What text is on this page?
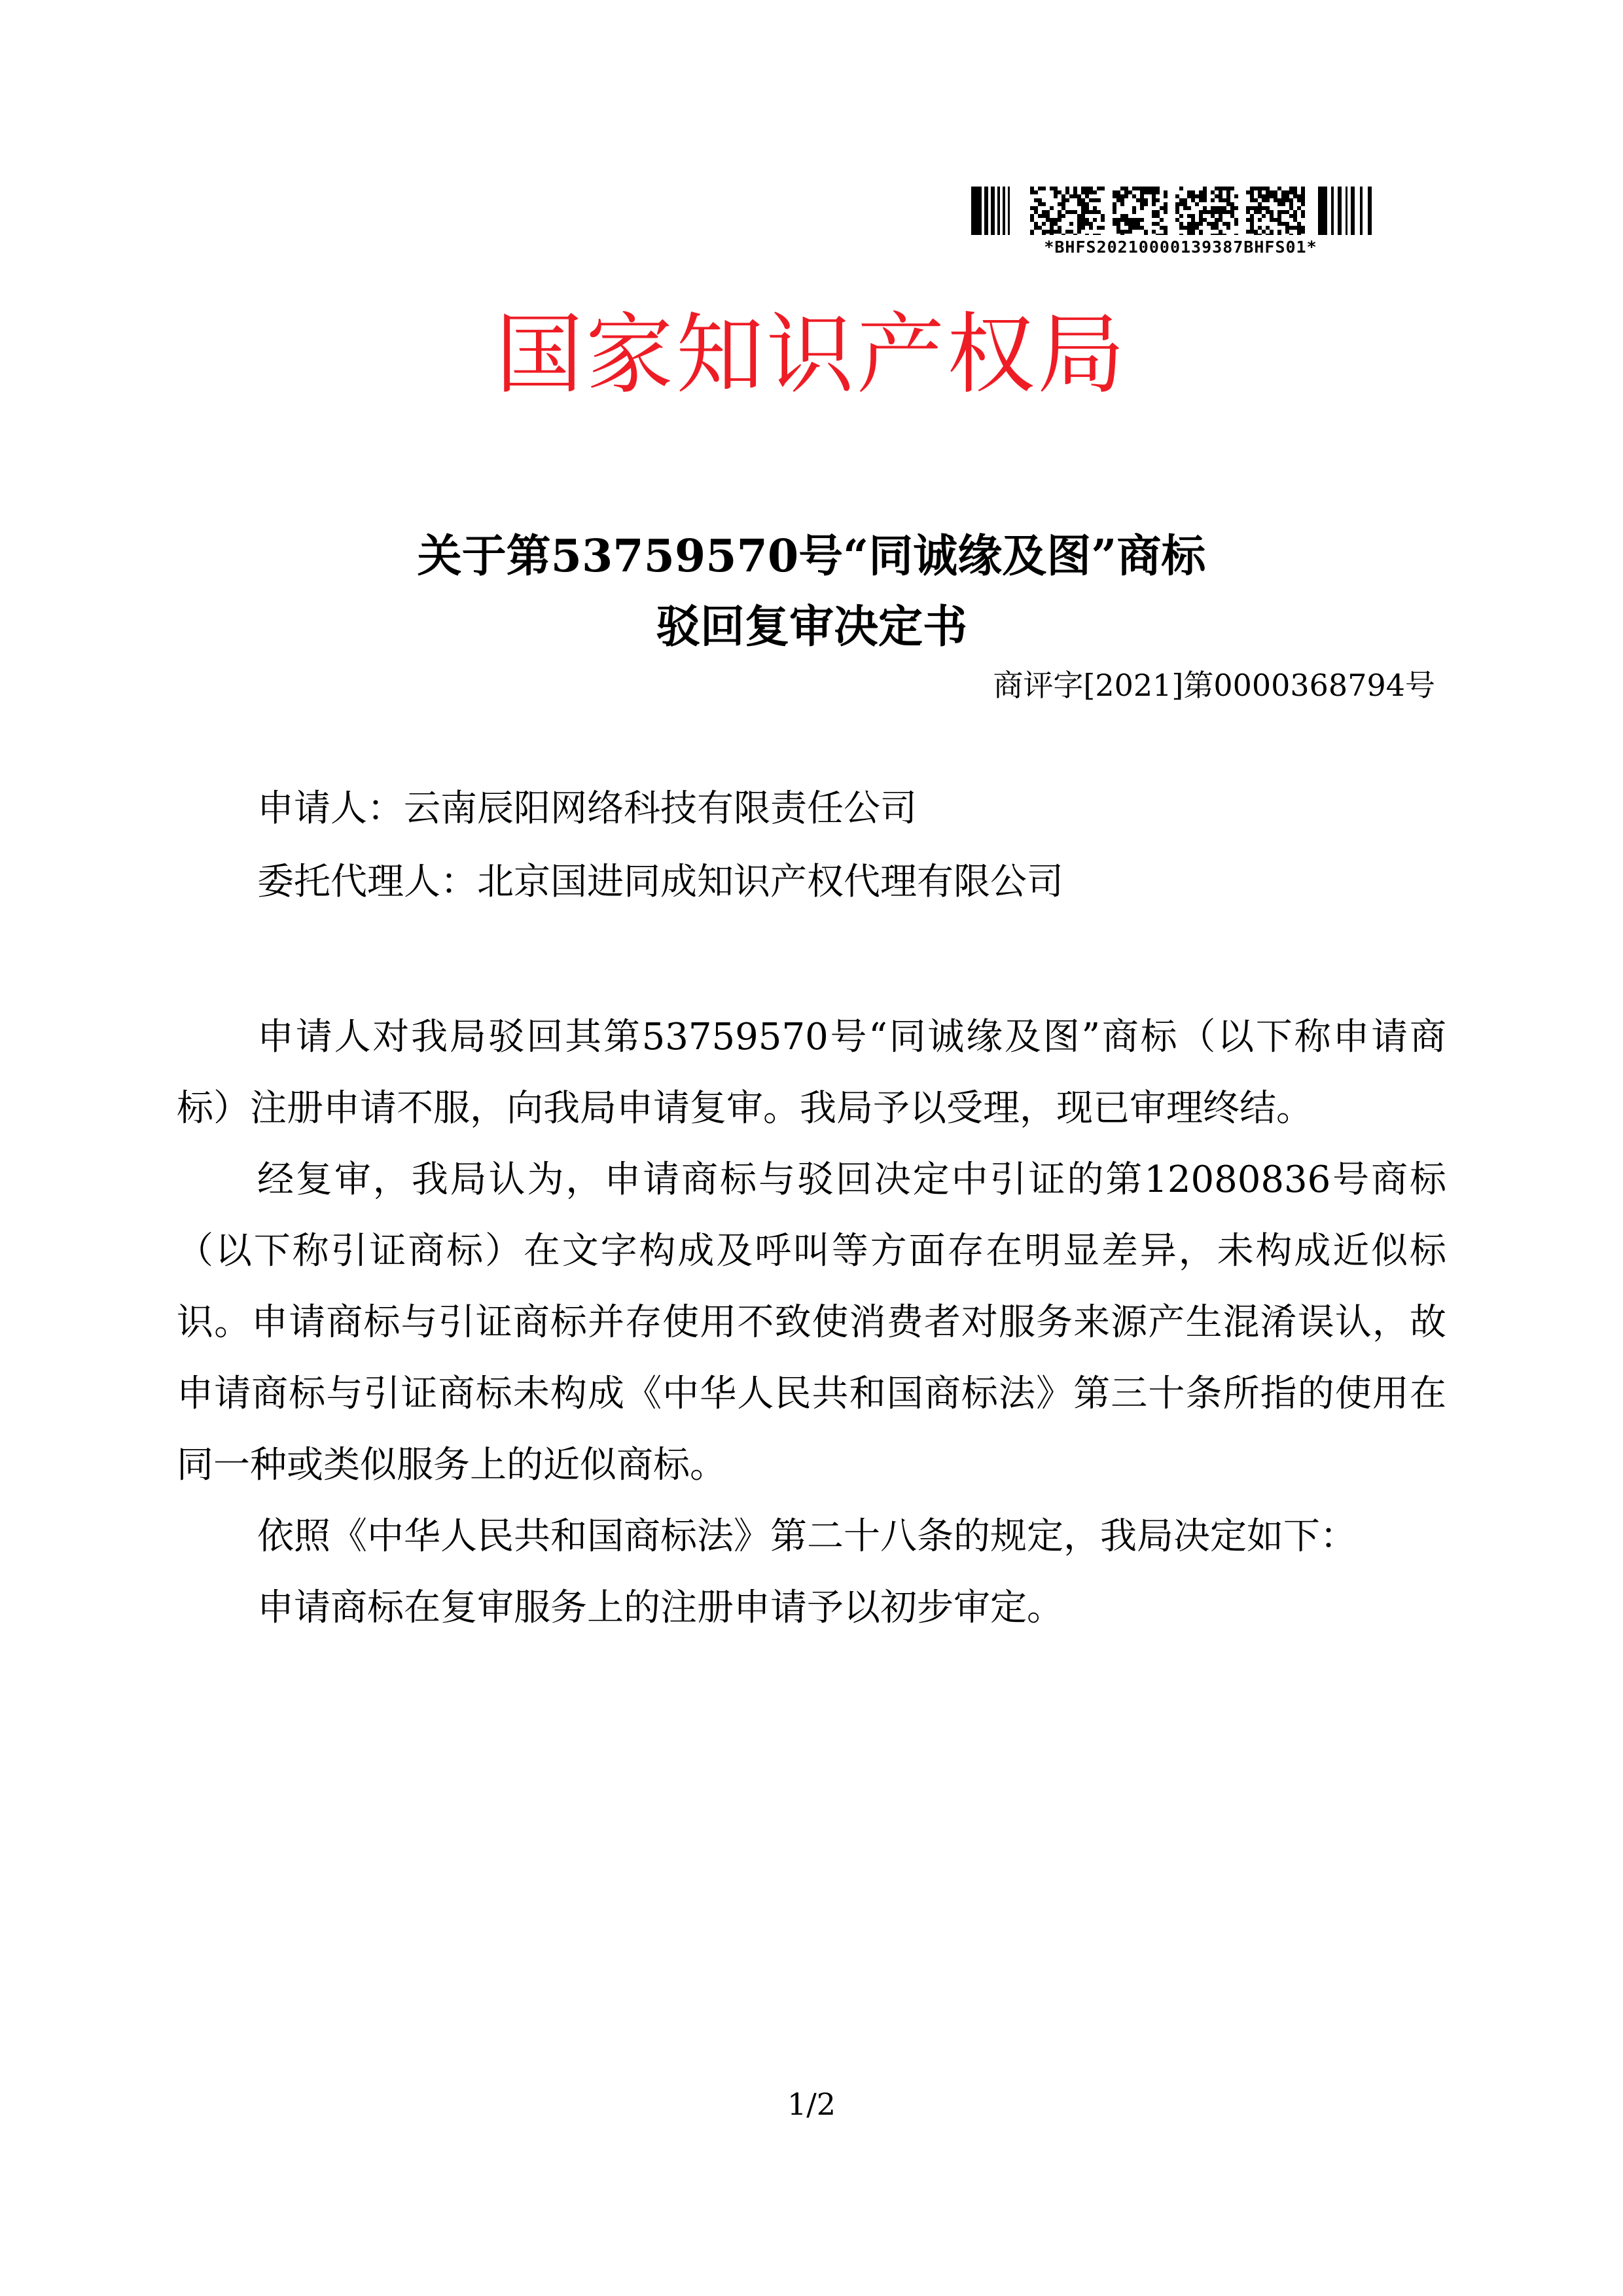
*BHFS20210000139387BHFS01*
国家知识产权局
关于第53759570号“同诚缘及图”商标
驳回复审决定书
商评字[2021]第0000368794号
申请人：云南辰阳网络科技有限责任公司
委托代理人：北京国进同成知识产权代理有限公司

申请人对我局驳回其第53759570号“同诚缘及图”商标（以下称申请商标）注册申请不服，向我局申请复审。我局予以受理，现已审理终结。

经复审，我局认为，申请商标与驳回决定中引证的第12080836号商标（以下称引证商标）在文字构成及呼叫等方面存在明显差异，未构成近似标识。申请商标与引证商标并存使用不致使消费者对服务来源产生混淆误认，故申请商标与引证商标未构成《中华人民共和国商标法》第三十条所指的使用在同一种或类似服务上的近似商标。

依照《中华人民共和国商标法》第二十八条的规定，我局决定如下：

申请商标在复审服务上的注册申请予以初步审定。

1/2
